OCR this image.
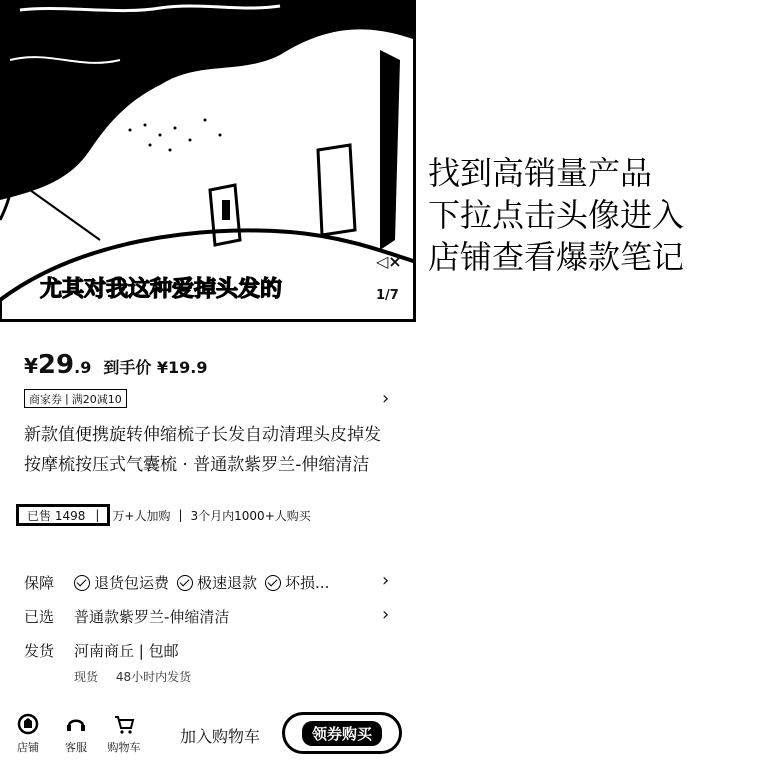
尤其对我这种爱掉头发的
◁×
1/7
找到高销量产品
下拉点击头像进入
店铺查看爆款笔记
¥ 29 .9 到手价 ¥19.9
商家券 | 满20减10	›
新款值便携旋转伸缩梳子长发自动清理头皮掉发按摩梳按压式气囊梳 · 普通款紫罗兰-伸缩清洁
已售 1498 | 万+人加购 | 3个月内1000+人购买
保障	退货包运费 极速退款 坏损...	›
已选	普通款紫罗兰-伸缩清洁	›
发货	河南商丘 | 包邮
现货 48小时内发货
店铺	客服	购物车
加入购物车	领券购买
